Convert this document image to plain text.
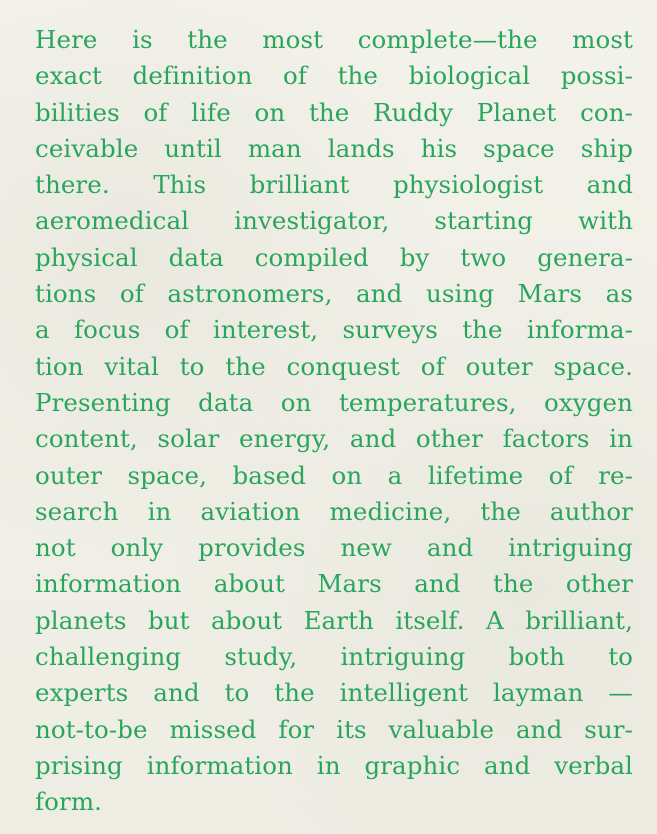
Here is the most complete—the most
exact definition of the biological possi-
bilities of life on the Ruddy Planet con-
ceivable until man lands his space ship
there. This brilliant physiologist and
aeromedical investigator, starting with
physical data compiled by two genera-
tions of astronomers, and using Mars as
a focus of interest, surveys the informa-
tion vital to the conquest of outer space.
Presenting data on temperatures, oxygen
content, solar energy, and other factors in
outer space, based on a lifetime of re-
search in aviation medicine, the author
not only provides new and intriguing
information about Mars and the other
planets but about Earth itself. A brilliant,
challenging study, intriguing both to
experts and to the intelligent layman —
not-to-be missed for its valuable and sur-
prising information in graphic and verbal
form.
